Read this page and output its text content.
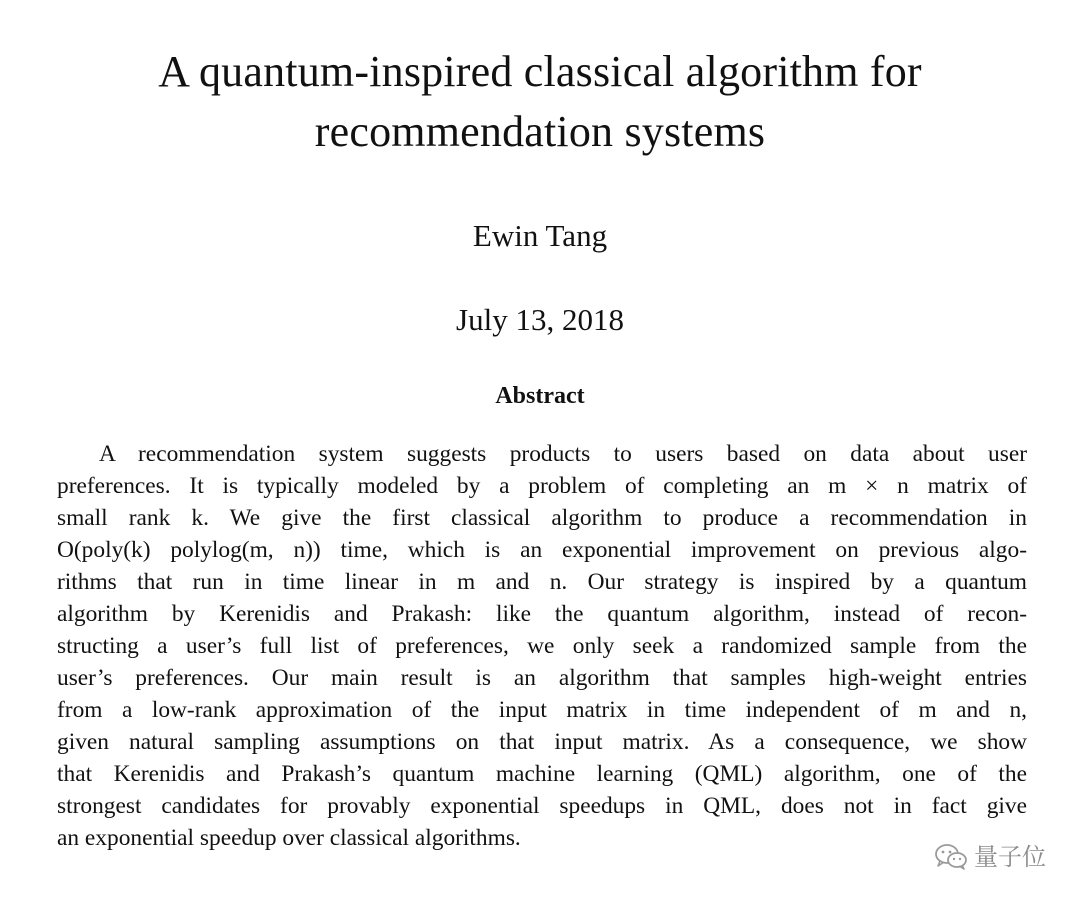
A quantum-inspired classical algorithm for
recommendation systems
Ewin Tang
July 13, 2018
Abstract
A recommendation system suggests products to users based on data about user
preferences. It is typically modeled by a problem of completing an m × n matrix of
small rank k. We give the first classical algorithm to produce a recommendation in
O(poly(k) polylog(m, n)) time, which is an exponential improvement on previous algo-
rithms that run in time linear in m and n. Our strategy is inspired by a quantum
algorithm by Kerenidis and Prakash: like the quantum algorithm, instead of recon-
structing a user’s full list of preferences, we only seek a randomized sample from the
user’s preferences. Our main result is an algorithm that samples high-weight entries
from a low-rank approximation of the input matrix in time independent of m and n,
given natural sampling assumptions on that input matrix. As a consequence, we show
that Kerenidis and Prakash’s quantum machine learning (QML) algorithm, one of the
strongest candidates for provably exponential speedups in QML, does not in fact give
an exponential speedup over classical algorithms.
量子位
